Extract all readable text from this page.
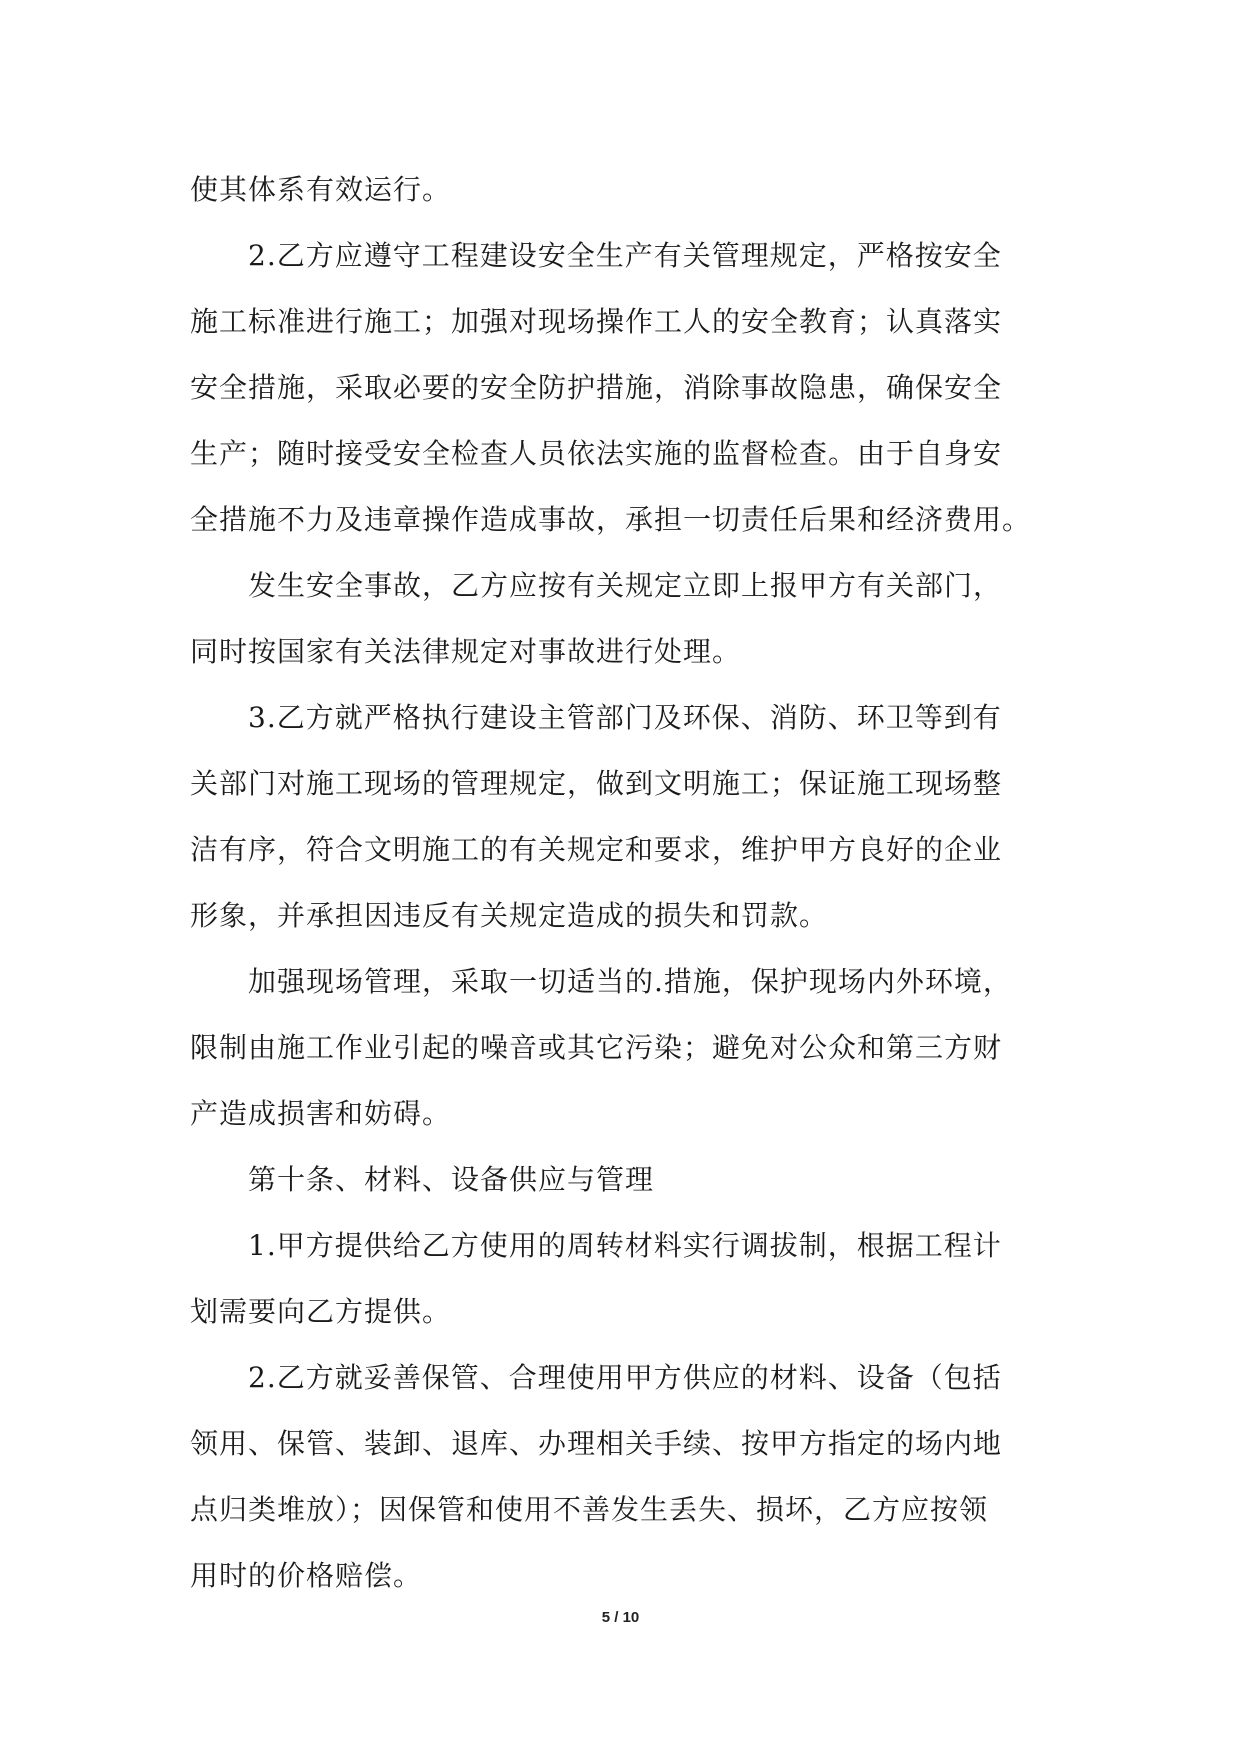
使其体系有效运行。

2.乙方应遵守工程建设安全生产有关管理规定，严格按安全
施工标准进行施工；加强对现场操作工人的安全教育；认真落实
安全措施，采取必要的安全防护措施，消除事故隐患，确保安全
生产；随时接受安全检查人员依法实施的监督检查。由于自身安
全措施不力及违章操作造成事故，承担一切责任后果和经济费用。

发生安全事故，乙方应按有关规定立即上报甲方有关部门，
同时按国家有关法律规定对事故进行处理。

3.乙方就严格执行建设主管部门及环保、消防、环卫等到有
关部门对施工现场的管理规定，做到文明施工；保证施工现场整
洁有序，符合文明施工的有关规定和要求，维护甲方良好的企业
形象，并承担因违反有关规定造成的损失和罚款。

加强现场管理，采取一切适当的.措施，保护现场内外环境，
限制由施工作业引起的噪音或其它污染；避免对公众和第三方财
产造成损害和妨碍。

第十条、材料、设备供应与管理

1.甲方提供给乙方使用的周转材料实行调拔制，根据工程计
划需要向乙方提供。

2.乙方就妥善保管、合理使用甲方供应的材料、设备（包括
领用、保管、装卸、退库、办理相关手续、按甲方指定的场内地
点归类堆放）；因保管和使用不善发生丢失、损坏，乙方应按领
用时的价格赔偿。

5 / 10
